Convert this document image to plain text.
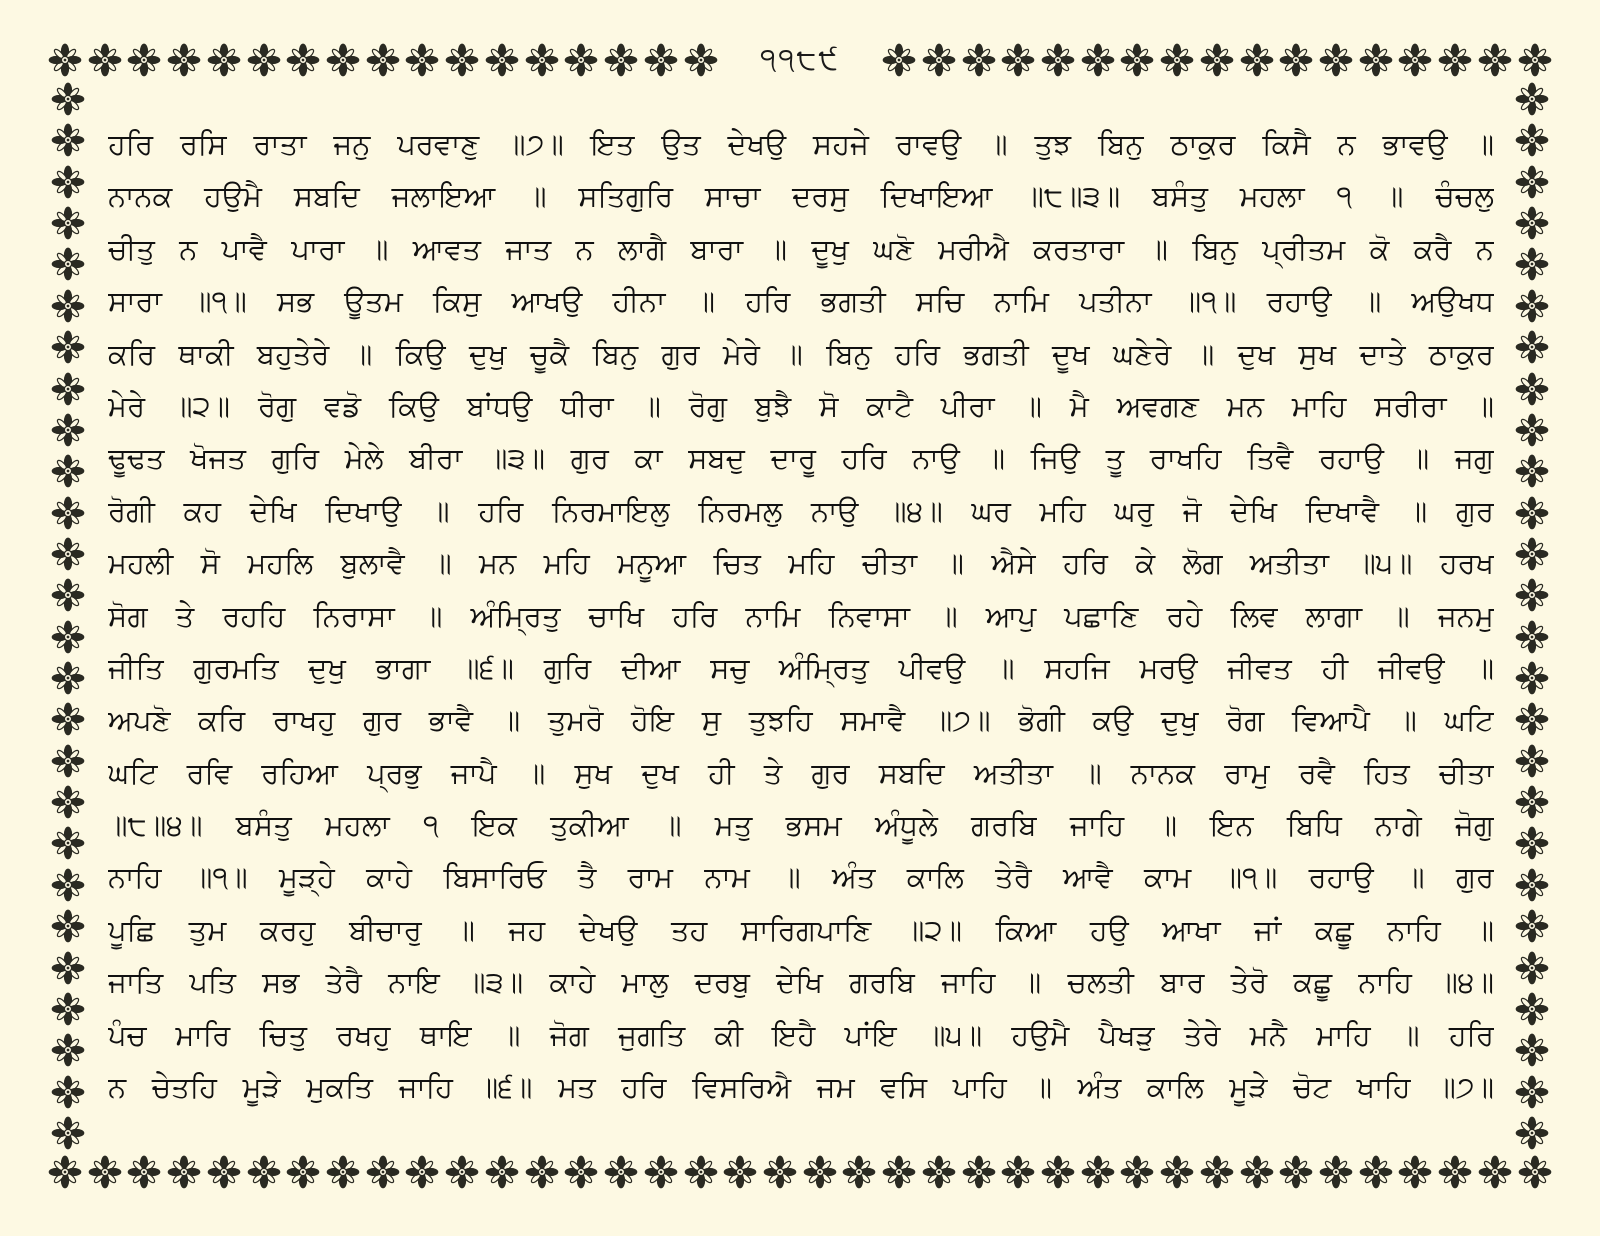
੧੧੮੯
ਹਰਿ ਰਸਿ ਰਾਤਾ ਜਨੁ ਪਰਵਾਣੁ ॥੭॥ ਇਤ ਉਤ ਦੇਖਉ ਸਹਜੇ ਰਾਵਉ ॥ ਤੁਝ ਬਿਨੁ ਠਾਕੁਰ ਕਿਸੈ ਨ ਭਾਵਉ ॥
ਨਾਨਕ ਹਉਮੈ ਸਬਦਿ ਜਲਾਇਆ ॥ ਸਤਿਗੁਰਿ ਸਾਚਾ ਦਰਸੁ ਦਿਖਾਇਆ ॥੮॥੩॥ ਬਸੰਤੁ ਮਹਲਾ ੧ ॥ ਚੰਚਲੁ
ਚੀਤੁ ਨ ਪਾਵੈ ਪਾਰਾ ॥ ਆਵਤ ਜਾਤ ਨ ਲਾਗੈ ਬਾਰਾ ॥ ਦੂਖੁ ਘਣੋ ਮਰੀਐ ਕਰਤਾਰਾ ॥ ਬਿਨੁ ਪ੍ਰੀਤਮ ਕੋ ਕਰੈ ਨ
ਸਾਰਾ ॥੧॥ ਸਭ ਊਤਮ ਕਿਸੁ ਆਖਉ ਹੀਨਾ ॥ ਹਰਿ ਭਗਤੀ ਸਚਿ ਨਾਮਿ ਪਤੀਨਾ ॥੧॥ ਰਹਾਉ ॥ ਅਉਖਧ
ਕਰਿ ਥਾਕੀ ਬਹੁਤੇਰੇ ॥ ਕਿਉ ਦੁਖੁ ਚੂਕੈ ਬਿਨੁ ਗੁਰ ਮੇਰੇ ॥ ਬਿਨੁ ਹਰਿ ਭਗਤੀ ਦੂਖ ਘਣੇਰੇ ॥ ਦੁਖ ਸੁਖ ਦਾਤੇ ਠਾਕੁਰ
ਮੇਰੇ ॥੨॥ ਰੋਗੁ ਵਡੋ ਕਿਉ ਬਾਂਧਉ ਧੀਰਾ ॥ ਰੋਗੁ ਬੁਝੈ ਸੋ ਕਾਟੈ ਪੀਰਾ ॥ ਮੈ ਅਵਗਣ ਮਨ ਮਾਹਿ ਸਰੀਰਾ ॥
ਢੂਢਤ ਖੋਜਤ ਗੁਰਿ ਮੇਲੇ ਬੀਰਾ ॥੩॥ ਗੁਰ ਕਾ ਸਬਦੁ ਦਾਰੂ ਹਰਿ ਨਾਉ ॥ ਜਿਉ ਤੂ ਰਾਖਹਿ ਤਿਵੈ ਰਹਾਉ ॥ ਜਗੁ
ਰੋਗੀ ਕਹ ਦੇਖਿ ਦਿਖਾਉ ॥ ਹਰਿ ਨਿਰਮਾਇਲੁ ਨਿਰਮਲੁ ਨਾਉ ॥੪॥ ਘਰ ਮਹਿ ਘਰੁ ਜੋ ਦੇਖਿ ਦਿਖਾਵੈ ॥ ਗੁਰ
ਮਹਲੀ ਸੋ ਮਹਲਿ ਬੁਲਾਵੈ ॥ ਮਨ ਮਹਿ ਮਨੂਆ ਚਿਤ ਮਹਿ ਚੀਤਾ ॥ ਐਸੇ ਹਰਿ ਕੇ ਲੋਗ ਅਤੀਤਾ ॥੫॥ ਹਰਖ
ਸੋਗ ਤੇ ਰਹਹਿ ਨਿਰਾਸਾ ॥ ਅੰਮ੍ਰਿਤੁ ਚਾਖਿ ਹਰਿ ਨਾਮਿ ਨਿਵਾਸਾ ॥ ਆਪੁ ਪਛਾਣਿ ਰਹੇ ਲਿਵ ਲਾਗਾ ॥ ਜਨਮੁ
ਜੀਤਿ ਗੁਰਮਤਿ ਦੁਖੁ ਭਾਗਾ ॥੬॥ ਗੁਰਿ ਦੀਆ ਸਚੁ ਅੰਮ੍ਰਿਤੁ ਪੀਵਉ ॥ ਸਹਜਿ ਮਰਉ ਜੀਵਤ ਹੀ ਜੀਵਉ ॥
ਅਪਣੋ ਕਰਿ ਰਾਖਹੁ ਗੁਰ ਭਾਵੈ ॥ ਤੁਮਰੋ ਹੋਇ ਸੁ ਤੁਝਹਿ ਸਮਾਵੈ ॥੭॥ ਭੋਗੀ ਕਉ ਦੁਖੁ ਰੋਗ ਵਿਆਪੈ ॥ ਘਟਿ
ਘਟਿ ਰਵਿ ਰਹਿਆ ਪ੍ਰਭੁ ਜਾਪੈ ॥ ਸੁਖ ਦੁਖ ਹੀ ਤੇ ਗੁਰ ਸਬਦਿ ਅਤੀਤਾ ॥ ਨਾਨਕ ਰਾਮੁ ਰਵੈ ਹਿਤ ਚੀਤਾ
॥੮॥੪॥ ਬਸੰਤੁ ਮਹਲਾ ੧ ਇਕ ਤੁਕੀਆ ॥ ਮਤੁ ਭਸਮ ਅੰਧੂਲੇ ਗਰਬਿ ਜਾਹਿ ॥ ਇਨ ਬਿਧਿ ਨਾਗੇ ਜੋਗੁ
ਨਾਹਿ ॥੧॥ ਮੂੜ੍ਹੇ ਕਾਹੇ ਬਿਸਾਰਿਓ ਤੈ ਰਾਮ ਨਾਮ ॥ ਅੰਤ ਕਾਲਿ ਤੇਰੈ ਆਵੈ ਕਾਮ ॥੧॥ ਰਹਾਉ ॥ ਗੁਰ
ਪੂਛਿ ਤੁਮ ਕਰਹੁ ਬੀਚਾਰੁ ॥ ਜਹ ਦੇਖਉ ਤਹ ਸਾਰਿਗਪਾਣਿ ॥੨॥ ਕਿਆ ਹਉ ਆਖਾ ਜਾਂ ਕਛੂ ਨਾਹਿ ॥
ਜਾਤਿ ਪਤਿ ਸਭ ਤੇਰੈ ਨਾਇ ॥੩॥ ਕਾਹੇ ਮਾਲੁ ਦਰਬੁ ਦੇਖਿ ਗਰਬਿ ਜਾਹਿ ॥ ਚਲਤੀ ਬਾਰ ਤੇਰੋ ਕਛੂ ਨਾਹਿ ॥੪॥
ਪੰਚ ਮਾਰਿ ਚਿਤੁ ਰਖਹੁ ਥਾਇ ॥ ਜੋਗ ਜੁਗਤਿ ਕੀ ਇਹੈ ਪਾਂਇ ॥੫॥ ਹਉਮੈ ਪੈਖੜੁ ਤੇਰੇ ਮਨੈ ਮਾਹਿ ॥ ਹਰਿ
ਨ ਚੇਤਹਿ ਮੂੜੇ ਮੁਕਤਿ ਜਾਹਿ ॥੬॥ ਮਤ ਹਰਿ ਵਿਸਰਿਐ ਜਮ ਵਸਿ ਪਾਹਿ ॥ ਅੰਤ ਕਾਲਿ ਮੂੜੇ ਚੋਟ ਖਾਹਿ ॥੭॥
